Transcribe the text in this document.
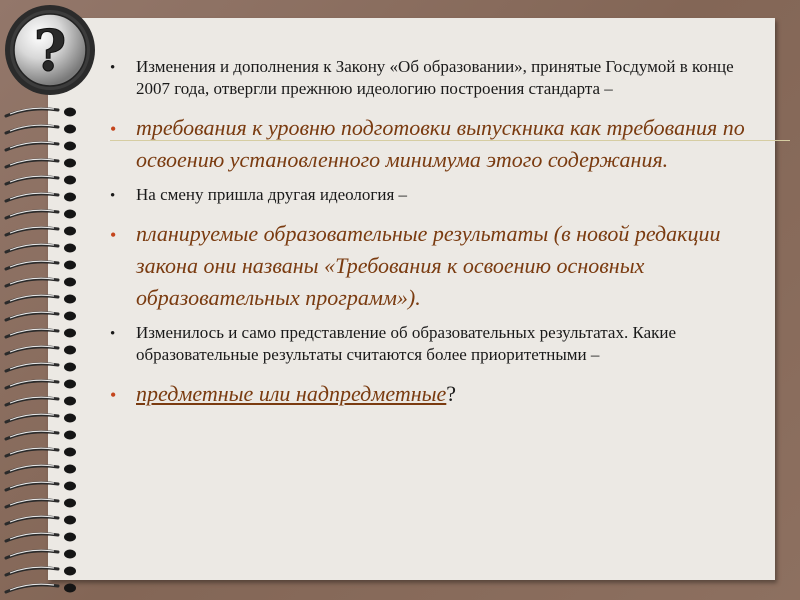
?	• Изменения и дополнения к Закону «Об образовании», принятые Госдумой в конце 2007 года, отвергли прежнюю идеологию построения стандарта –
• требования к уровню подготовки выпускника как требования по освоению установленного минимума этого содержания.
• На смену пришла другая идеология –
• планируемые образовательные результаты (в новой редакции закона они названы «Требования к освоению основных образовательных программ»).
• Изменилось и само представление об образовательных результатах. Какие образовательные результаты считаются более приоритетными –
• предметные или надпредметные?
